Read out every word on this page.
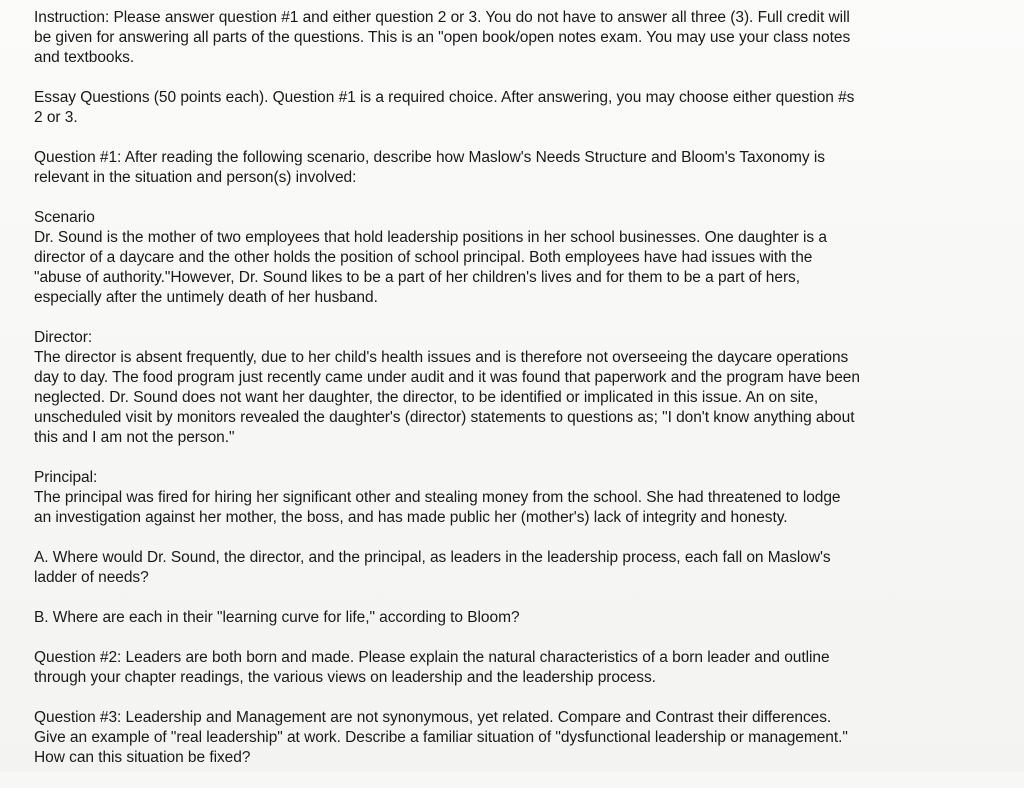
Instruction: Please answer question #1 and either question 2 or 3. You do not have to answer all three (3). Full credit will
be given for answering all parts of the questions. This is an "open book/open notes exam. You may use your class notes
and textbooks.
Essay Questions (50 points each). Question #1 is a required choice. After answering, you may choose either question #s
2 or 3.
Question #1: After reading the following scenario, describe how Maslow's Needs Structure and Bloom's Taxonomy is
relevant in the situation and person(s) involved:
Scenario
Dr. Sound is the mother of two employees that hold leadership positions in her school businesses. One daughter is a
director of a daycare and the other holds the position of school principal. Both employees have had issues with the
"abuse of authority."However, Dr. Sound likes to be a part of her children's lives and for them to be a part of hers,
especially after the untimely death of her husband.
Director:
The director is absent frequently, due to her child's health issues and is therefore not overseeing the daycare operations
day to day. The food program just recently came under audit and it was found that paperwork and the program have been
neglected. Dr. Sound does not want her daughter, the director, to be identified or implicated in this issue. An on site,
unscheduled visit by monitors revealed the daughter's (director) statements to questions as; "I don't know anything about
this and I am not the person."
Principal:
The principal was fired for hiring her significant other and stealing money from the school. She had threatened to lodge
an investigation against her mother, the boss, and has made public her (mother's) lack of integrity and honesty.
A. Where would Dr. Sound, the director, and the principal, as leaders in the leadership process, each fall on Maslow's
ladder of needs?
B. Where are each in their "learning curve for life," according to Bloom?
Question #2: Leaders are both born and made. Please explain the natural characteristics of a born leader and outline
through your chapter readings, the various views on leadership and the leadership process.
Question #3: Leadership and Management are not synonymous, yet related. Compare and Contrast their differences.
Give an example of "real leadership" at work. Describe a familiar situation of "dysfunctional leadership or management."
How can this situation be fixed?
